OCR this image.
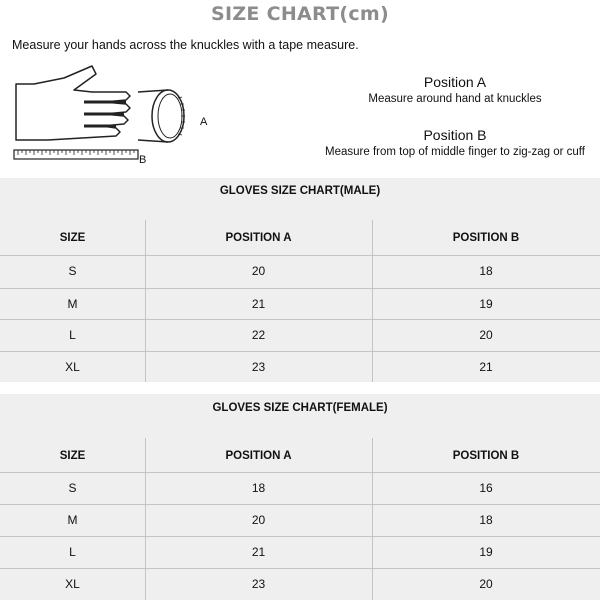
SIZE CHART(cm)
Measure your hands across the knuckles with a tape measure.
A
B
Position A
Measure around hand at knuckles
Position B
Measure from top of middle finger to zig-zag or cuff
GLOVES SIZE CHART(MALE)
SIZE	POSITION A	POSITION B
S	20	18
M	21	19
L	22	20
XL	23	21
GLOVES SIZE CHART(FEMALE)
SIZE	POSITION A	POSITION B
S	18	16
M	20	18
L	21	19
XL	23	20
